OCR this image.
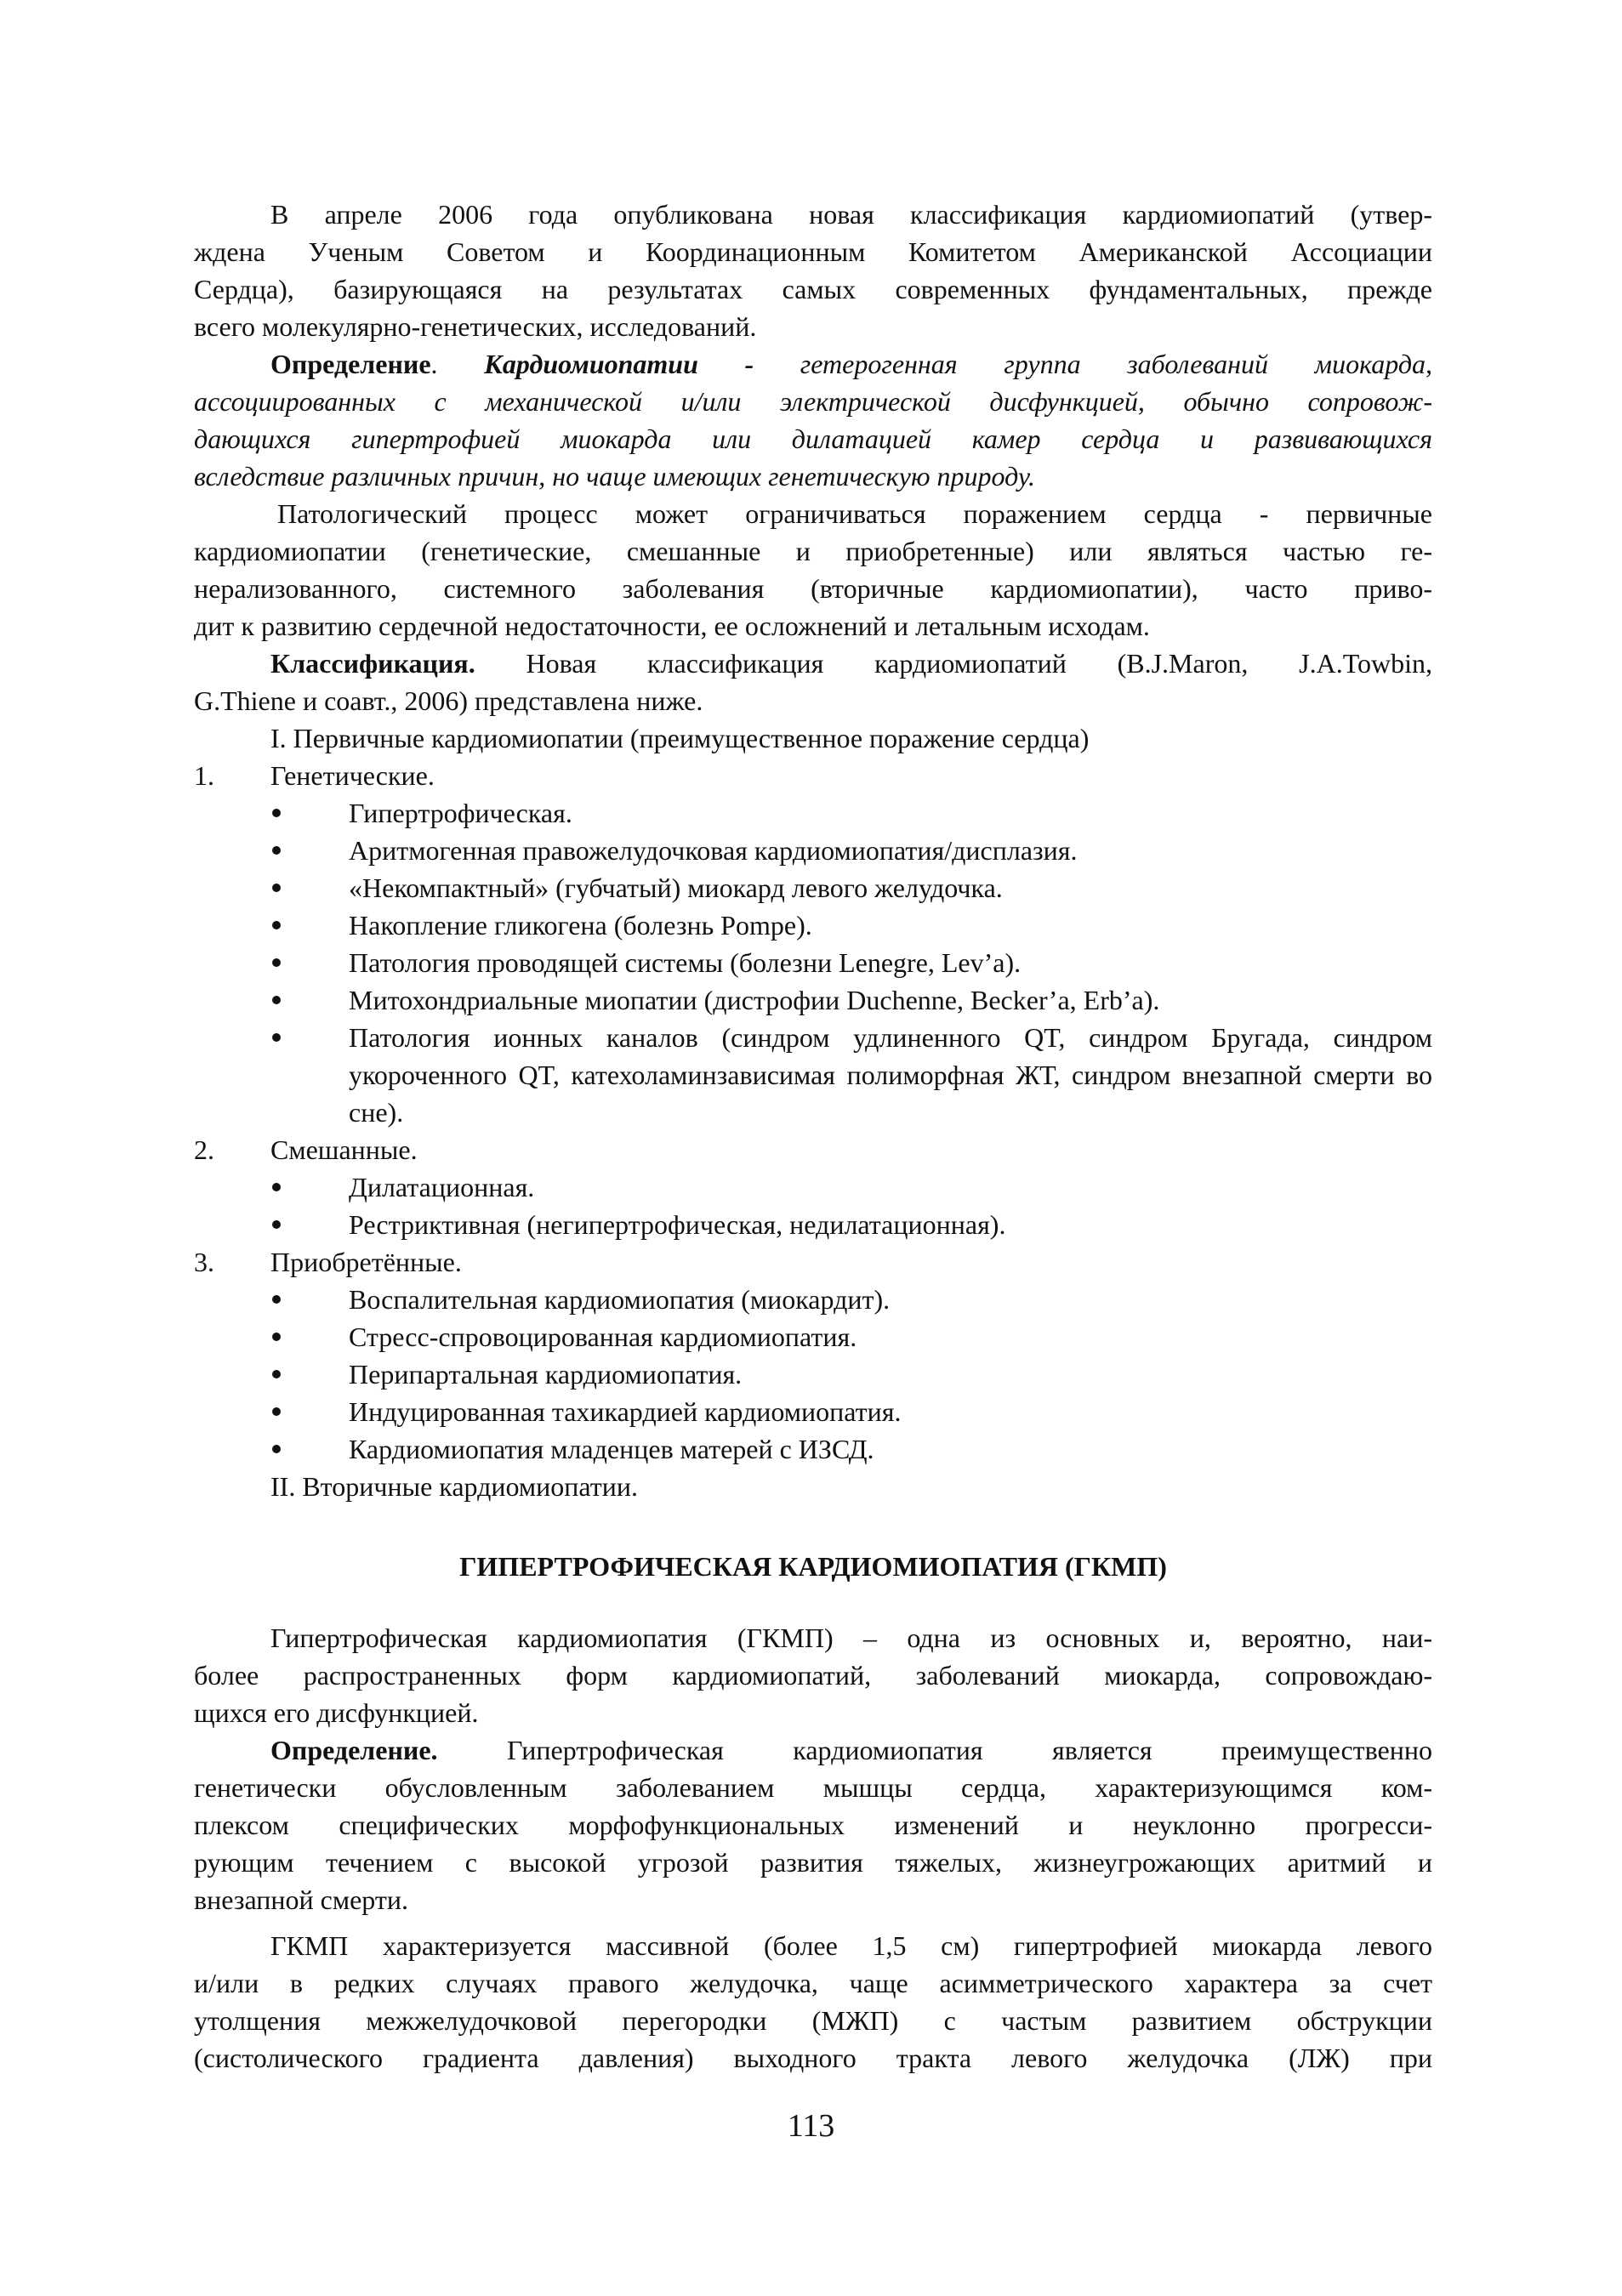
В апреле 2006 года опубликована новая классификация кардиомиопатий (утвер-
ждена Ученым Советом и Координационным Комитетом Американской Ассоциации
Сердца), базирующаяся на результатах самых современных фундаментальных, прежде
всего молекулярно-генетических, исследований.
Определение. Кардиомиопатии - гетерогенная группа заболеваний миокарда,
ассоциированных с механической и/или электрической дисфункцией, обычно сопровож-
дающихся гипертрофией миокарда или дилатацией камер сердца и развивающихся
вследствие различных причин, но чаще имеющих генетическую природу.
Патологический процесс может ограничиваться поражением сердца - первичные
кардиомиопатии (генетические, смешанные и приобретенные) или являться частью ге-
нерализованного, системного заболевания (вторичные кардиомиопатии), часто приво-
дит к развитию сердечной недостаточности, ее осложнений и летальным исходам.
Классификация. Новая классификация кардиомиопатий (B.J.Maron, J.A.Towbin,
G.Thiene и соавт., 2006) представлена ниже.
I. Первичные кардиомиопатии (преимущественное поражение сердца)
1. Генетические.
Гипертрофическая.
Аритмогенная правожелудочковая кардиомиопатия/дисплазия.
«Некомпактный» (губчатый) миокард левого желудочка.
Накопление гликогена (болезнь Pompe).
Патология проводящей системы (болезни Lenegre, Lev’a).
Митохондриальные миопатии (дистрофии Duchenne, Becker’a, Erb’a).
Патология ионных каналов (синдром удлиненного QT, синдром Бругада, синдром укороченного QT, катехоламинзависимая полиморфная ЖТ, синдром внезапной смерти во сне).
2. Смешанные.
Дилатационная.
Рестриктивная (негипертрофическая, недилатационная).
3. Приобретённые.
Воспалительная кардиомиопатия (миокардит).
Стресс-спровоцированная кардиомиопатия.
Перипартальная кардиомиопатия.
Индуцированная тахикардией кардиомиопатия.
Кардиомиопатия младенцев матерей с ИЗСД.
II. Вторичные кардиомиопатии.
ГИПЕРТРОФИЧЕСКАЯ КАРДИОМИОПАТИЯ (ГКМП)
Гипертрофическая кардиомиопатия (ГКМП) – одна из основных и, вероятно, наи-
более распространенных форм кардиомиопатий, заболеваний миокарда, сопровождаю-
щихся его дисфункцией.
Определение. Гипертрофическая кардиомиопатия является преимущественно
генетически обусловленным заболеванием мышцы сердца, характеризующимся ком-
плексом специфических морфофункциональных изменений и неуклонно прогресси-
рующим течением с высокой угрозой развития тяжелых, жизнеугрожающих аритмий и
внезапной смерти.
ГКМП характеризуется массивной (более 1,5 см) гипертрофией миокарда левого
и/или в редких случаях правого желудочка, чаще асимметрического характера за счет
утолщения межжелудочковой перегородки (МЖП) с частым развитием обструкции
(систолического градиента давления) выходного тракта левого желудочка (ЛЖ) при
113
